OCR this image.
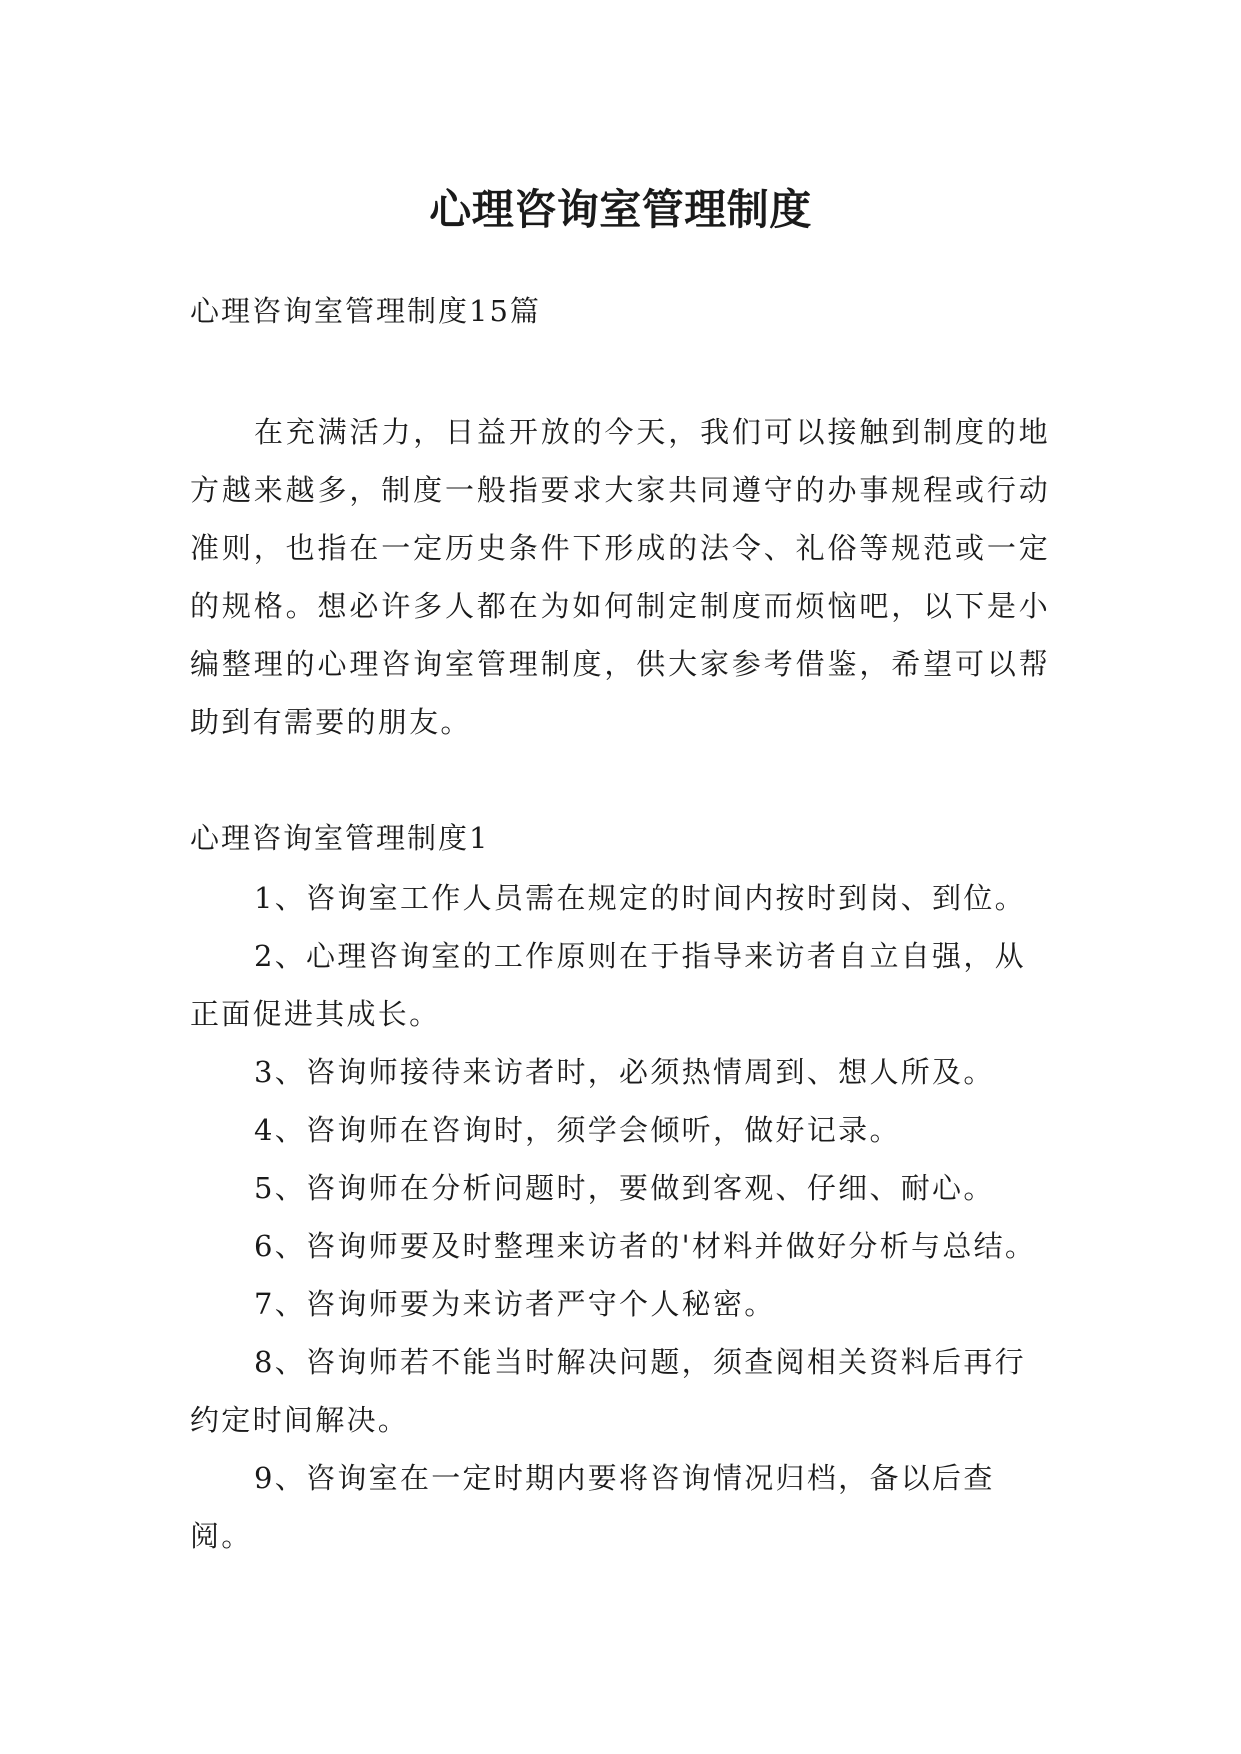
心理咨询室管理制度
心理咨询室管理制度15篇

在充满活力，日益开放的今天，我们可以接触到制度的地方越来越多，制度一般指要求大家共同遵守的办事规程或行动准则，也指在一定历史条件下形成的法令、礼俗等规范或一定的规格。想必许多人都在为如何制定制度而烦恼吧，以下是小编整理的心理咨询室管理制度，供大家参考借鉴，希望可以帮助到有需要的朋友。

心理咨询室管理制度1
1、咨询室工作人员需在规定的时间内按时到岗、到位。
2、心理咨询室的工作原则在于指导来访者自立自强，从正面促进其成长。
3、咨询师接待来访者时，必须热情周到、想人所及。
4、咨询师在咨询时，须学会倾听，做好记录。
5、咨询师在分析问题时，要做到客观、仔细、耐心。
6、咨询师要及时整理来访者的'材料并做好分析与总结。
7、咨询师要为来访者严守个人秘密。
8、咨询师若不能当时解决问题，须查阅相关资料后再行约定时间解决。
9、咨询室在一定时期内要将咨询情况归档，备以后查阅。
